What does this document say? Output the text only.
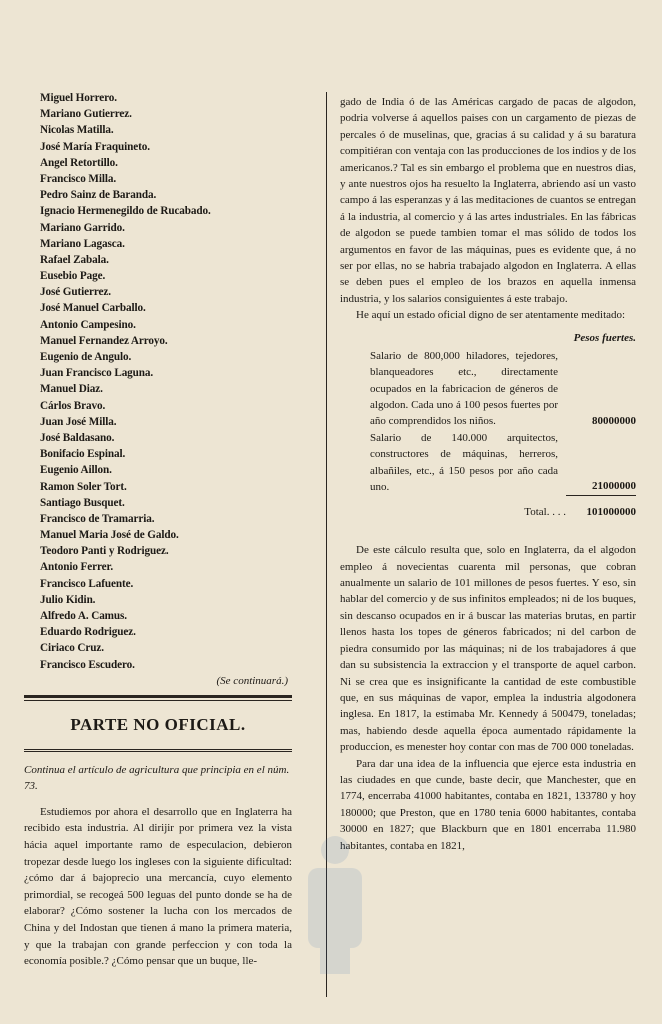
Miguel Horrero.
Mariano Gutierrez.
Nicolas Matilla.
José María Fraquineto.
Angel Retortillo.
Francisco Milla.
Pedro Sainz de Baranda.
Ignacio Hermenegildo de Rucabado.
Mariano Garrido.
Mariano Lagasca.
Rafael Zabala.
Eusebio Page.
José Gutierrez.
José Manuel Carballo.
Antonio Campesino.
Manuel Fernandez Arroyo.
Eugenio de Angulo.
Juan Francisco Laguna.
Manuel Diaz.
Cárlos Bravo.
Juan José Milla.
José Baldasano.
Bonifacio Espinal.
Eugenio Aillon.
Ramon Soler Tort.
Santiago Busquet.
Francisco de Tramarria.
Manuel Maria José de Galdo.
Teodoro Panti y Rodriguez.
Antonio Ferrer.
Francisco Lafuente.
Julio Kidin.
Alfredo A. Camus.
Eduardo Rodriguez.
Ciriaco Cruz.
Francisco Escudero.
(Se continuará.)
PARTE NO OFICIAL.

Continua el artículo de agricultura que principia en el núm. 73.

Estudiemos por ahora el desarrollo que en Inglaterra ha recibido esta industria. Al dirijir por primera vez la vista hácia aquel importante ramo de especulacion, debieron tropezar desde luego los ingleses con la siguiente dificultad: ¿cómo dar á bajoprecio una mercancía, cuyo elemento primordial, se recogeá 500 leguas del punto donde se ha de elaborar? ¿Cómo sostener la lucha con los mercados de China y del Indostan que tienen á mano la primera materia, y que la trabajan con grande perfeccion y con toda la economía posible.? ¿Cómo pensar que un buque, lle-

gado de India ó de las Américas cargado de pacas de algodon, podria volverse á aquellos paises con un cargamento de piezas de percales ó de muselinas, que, gracias á su calidad y á su baratura compitiéran con ventaja con las producciones de los indios y de los americanos.? Tal es sin embargo el problema que en nuestros dias, y ante nuestros ojos ha resuelto la Inglaterra, abriendo así un vasto campo á las esperanzas y á las meditaciones de cuantos se entregan á la industria, al comercio y á las artes industriales. En las fábricas de algodon se puede tambien tomar el mas sólido de todos los argumentos en favor de las máquinas, pues es evidente que, á no ser por ellas, no se habria trabajado algodon en Inglaterra. A ellas se deben pues el empleo de los brazos en aquella inmensa industria, y los salarios consiguientes á este trabajo.

He aquí un estado oficial digno de ser atentamente meditado:

Pesos fuertes.
Salario de 800,000 hiladores, tejedores, blanqueadores etc., directamente ocupados en la fabricacion de géneros de algodon. Cada uno á 100 pesos fuertes por año comprendidos los niños.	80000000
Salario de 140.000 arquitectos, constructores de máquinas, herreros, albañiles, etc., á 150 pesos por año cada uno.	21000000
Total. . . .	101000000

De este cálculo resulta que, solo en Inglaterra, da el algodon empleo á novecientas cuarenta mil personas, que cobran anualmente un salario de 101 millones de pesos fuertes. Y eso, sin hablar del comercio y de sus infinitos empleados; ni de los buques, sin descanso ocupados en ir á buscar las materias brutas, en partir llenos hasta los topes de géneros fabricados; ni del carbon de piedra consumido por las máquinas; ni de los trabajadores á que dan su subsistencia la extraccion y el transporte de aquel carbon. Ni se crea que es insignificante la cantidad de este combustible que, en sus máquinas de vapor, emplea la industria algodonera inglesa. En 1817, la estimaba Mr. Kennedy á 500479, toneladas; mas, habiendo desde aquella época aumentado rápidamente la produccion, es menester hoy contar con mas de 700 000 toneladas.

Para dar una idea de la influencia que ejerce esta industria en las ciudades en que cunde, baste decir, que Manchester, que en 1774, encerraba 41000 habitantes, contaba en 1821, 133780 y hoy 180000; que Preston, que en 1780 tenia 6000 habitantes, contaba 30000 en 1827; que Blackburn que en 1801 encerraba 11.980 habitantes, contaba en 1821,
